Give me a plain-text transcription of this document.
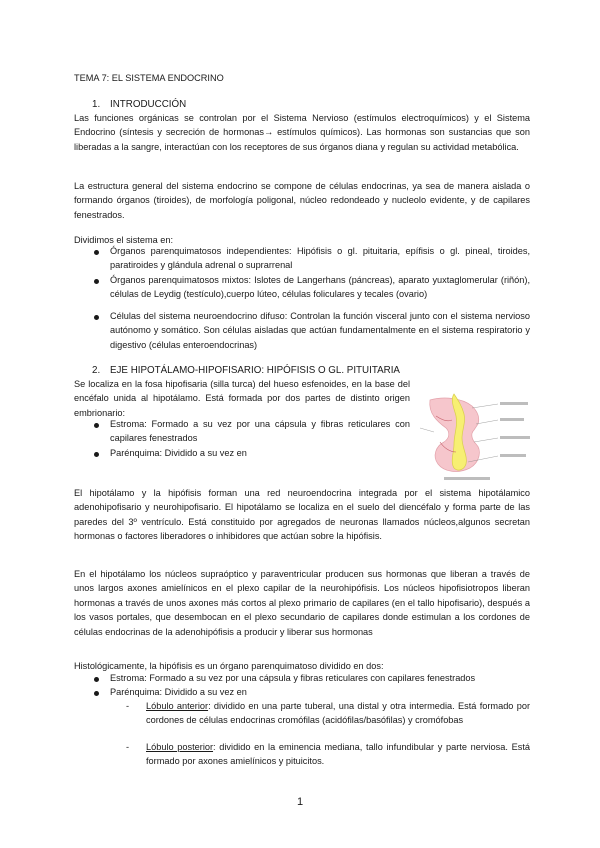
TEMA 7: EL SISTEMA ENDOCRINO

1. INTRODUCCIÓN

Las funciones orgánicas se controlan por el Sistema Nervioso (estímulos electroquímicos) y el Sistema Endocrino (síntesis y secreción de hormonas→ estímulos químicos). Las hormonas son sustancias que son liberadas a la sangre, interactúan con los receptores de sus órganos diana y regulan su actividad metabólica.

La estructura general del sistema endocrino se compone de células endocrinas, ya sea de manera aislada o formando órganos (tiroides), de morfología poligonal, núcleo redondeado y nucleolo evidente, y de capilares fenestrados.

Dividimos el sistema en:

Órganos parenquimatosos independientes: Hipófisis o gl. pituitaria, epífisis o gl. pineal, tiroides, paratiroides y glándula adrenal o suprarrenal

Órganos parenquimatosos mixtos: Islotes de Langerhans (páncreas), aparato yuxtaglomerular (riñón), células de Leydig (testículo),cuerpo lúteo, células foliculares y tecales (ovario)

Células del sistema neuroendocrino difuso: Controlan la función visceral junto con el sistema nervioso autónomo y somático. Son células aisladas que actúan fundamentalmente en el sistema respiratorio y digestivo (células enteroendocrinas)

2. EJE HIPOTÁLAMO-HIPOFISARIO: HIPÓFISIS O GL. PITUITARIA

Se localiza en la fosa hipofisaria (silla turca) del hueso esfenoides, en la base del encéfalo unida al hipotálamo. Está formada por dos partes de distinto origen embrionario:

Estroma: Formado a su vez por una cápsula y fibras reticulares con capilares fenestrados

Parénquima: Dividido a su vez en

El hipotálamo y la hipófisis forman una red neuroendocrina integrada por el sistema hipotálamico adenohipofisario y neurohipofisario. El hipotálamo se localiza en el suelo del diencéfalo y forma parte de las paredes del 3º ventrículo. Está constituido por agregados de neuronas llamados núcleos,algunos secretan hormonas o factores liberadores o inhibidores que actúan sobre la hipófisis.

En el hipotálamo los núcleos supraóptico y paraventricular producen sus hormonas que liberan a través de unos largos axones amielínicos en el plexo capilar de la neurohipófisis. Los núcleos hipofisiotropos liberan hormonas a través de unos axones más cortos al plexo primario de capilares (en el tallo hipofisario), después a los vasos portales, que desembocan en el plexo secundario de capilares donde estimulan a los cordones de células endocrinas de la adenohipófisis a producir y liberar sus hormonas

Histológicamente, la hipófisis es un órgano parenquimatoso dividido en dos:

Estroma: Formado a su vez por una cápsula y fibras reticulares con capilares fenestrados

Parénquima: Dividido a su vez en

- Lóbulo anterior: dividido en una parte tuberal, una distal y otra intermedia. Está formado por cordones de células endocrinas cromófilas (acidófilas/basófilas) y cromófobas

- Lóbulo posterior: dividido en la eminencia mediana, tallo infundibular y parte nerviosa. Está formado por axones amielínicos y pituicitos.

1
